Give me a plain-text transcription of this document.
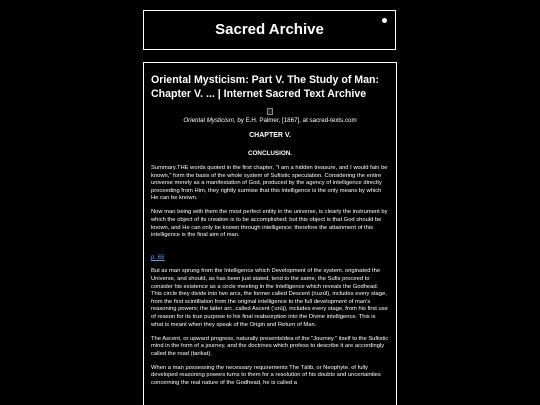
Sacred Archive
Oriental Mysticism: Part V. The Study of Man: Chapter V. ... | Internet Sacred Text Archive
Oriental Mysticism, by E.H. Palmer, [1867], at sacred-texts.com
CHAPTER V.
CONCLUSION.

Summary.THE words quoted in the first chapter, "I am a hidden treasure, and I would fain be known," form the basis of the whole system of Sufiistic speculation. Considering the entire universe merely as a manifestation of God, produced by the agency of intelligence directly proceeding from Him, they rightly surmise that this intelligence is the only means by which He can be known.

Now man being with them the most perfect entity in the universe, is clearly the instrument by which the object of its creation is to be accomplished; but this object is that God should be known, and He can only be known through intelligence; therefore the attainment of this intelligence is the final aim of man.

p. 65

But as man sprung from the Intelligence which Development of the system. originated the Universe, and should, as has been just stated, tend to the same, the Sufis proceed to consider his existence as a circle meeting in the Intelligence which reveals the Godhead. This circle they divide into two arcs, the former called Descent (nuzúl), includes every stage, from the first scintillation from the original intelligence to the full development of man's reasoning powers; the latter arc, called Ascent (‘urúj), includes every stage, from his first use of reason for its true purpose to his final reabsorption into the Divine intelligence. This is what is meant when they speak of the Origin and Return of Man.

The Ascent, or upward progress, naturally presentsIdea of the "Journey." itself to the Sufiistic mind in the form of a journey, and the doctrines which profess to describe it are accordingly called the road (tarikat).

When a man possessing the necessary requirements The Tálib, or Neophyte. of fully developed reasoning powers turns to them for a resolution of his doubts and uncertainties concerning the real nature of the Godhead, he is called a
